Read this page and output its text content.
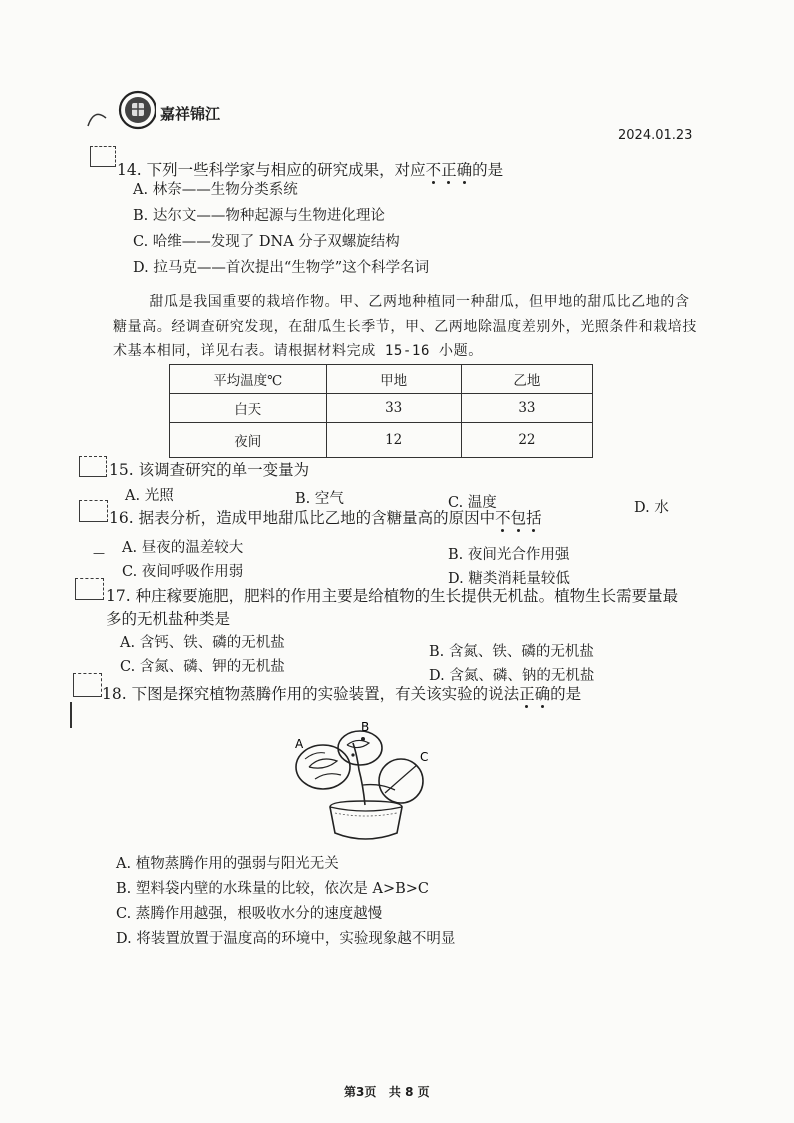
嘉祥锦江
2024.01.23
14. 下列一些科学家与相应的研究成果，对应不正确的是
A. 林奈——生物分类系统
B. 达尔文——物种起源与生物进化理论
C. 哈维——发现了 DNA 分子双螺旋结构
D. 拉马克——首次提出“生物学”这个科学名词
甜瓜是我国重要的栽培作物。甲、乙两地种植同一种甜瓜，但甲地的甜瓜比乙地的含糖量高。经调查研究发现，在甜瓜生长季节，甲、乙两地除温度差别外，光照条件和栽培技术基本相同，详见右表。请根据材料完成 15-16 小题。
平均温度℃	甲地	乙地
白天	33	33
夜间	12	22
15. 该调查研究的单一变量为
A. 光照	B. 空气	C. 温度	D. 水
16. 据表分析，造成甲地甜瓜比乙地的含糖量高的原因中不包括
— A. 昼夜的温差较大	B. 夜间光合作用强
C. 夜间呼吸作用弱	D. 糖类消耗量较低
17. 种庄稼要施肥，肥料的作用主要是给植物的生长提供无机盐。植物生长需要量最
多的无机盐种类是
A. 含钙、铁、磷的无机盐
B. 含氮、铁、磷的无机盐
C. 含氮、磷、钾的无机盐
D. 含氮、磷、钠的无机盐
18. 下图是探究植物蒸腾作用的实验装置，有关该实验的说法正确的是
A
B
C
A. 植物蒸腾作用的强弱与阳光无关
B. 塑料袋内壁的水珠量的比较，依次是 A>B>C
C. 蒸腾作用越强，根吸收水分的速度越慢
D. 将装置放置于温度高的环境中，实验现象越不明显
第3页 共 8 页
